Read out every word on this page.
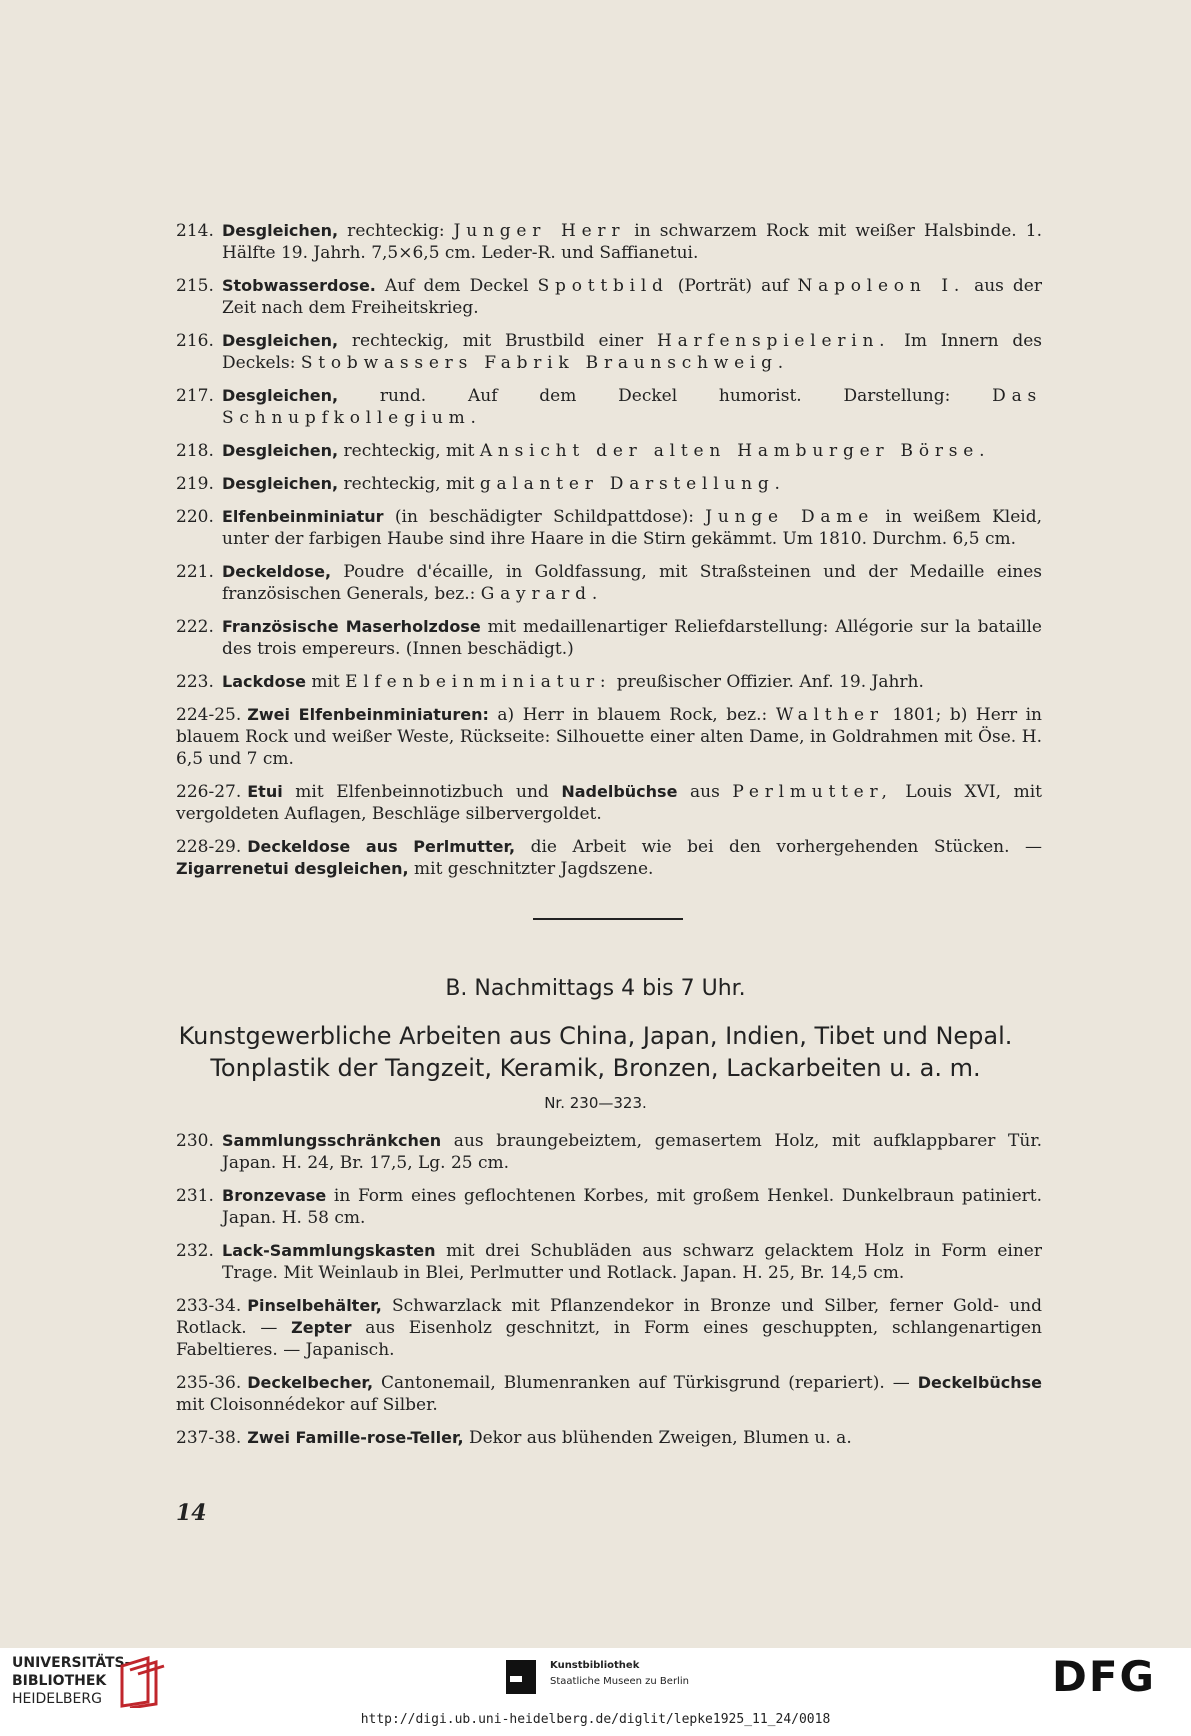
214. Desgleichen, rechteckig: Junger Herr in schwarzem Rock mit weißer Halsbinde. 1. Hälfte 19. Jahrh. 7,5×6,5 cm. Leder-R. und Saffianetui.
215. Stobwasserdose. Auf dem Deckel Spottbild (Porträt) auf Napoleon I. aus der Zeit nach dem Freiheitskrieg.
216. Desgleichen, rechteckig, mit Brustbild einer Harfenspielerin. Im Innern des Deckels: Stobwassers Fabrik Braunschweig.
217. Desgleichen, rund. Auf dem Deckel humorist. Darstellung: Das Schnupfkollegium.
218. Desgleichen, rechteckig, mit Ansicht der alten Hamburger Börse.
219. Desgleichen, rechteckig, mit galanter Darstellung.
220. Elfenbeinminiatur (in beschädigter Schildpattdose): Junge Dame in weißem Kleid, unter der farbigen Haube sind ihre Haare in die Stirn gekämmt. Um 1810. Durchm. 6,5 cm.
221. Deckeldose, Poudre d'écaille, in Goldfassung, mit Straßsteinen und der Medaille eines französischen Generals, bez.: Gayrard.
222. Französische Maserholzdose mit medaillenartiger Reliefdarstellung: Allégorie sur la bataille des trois empereurs. (Innen beschädigt.)
223. Lackdose mit Elfenbeinminiatur: preußischer Offizier. Anf. 19. Jahrh.
224-25. Zwei Elfenbeinminiaturen: a) Herr in blauem Rock, bez.: Walther 1801; b) Herr in blauem Rock und weißer Weste, Rückseite: Silhouette einer alten Dame, in Goldrahmen mit Öse. H. 6,5 und 7 cm.
226-27. Etui mit Elfenbeinnotizbuch und Nadelbüchse aus Perlmutter, Louis XVI, mit vergoldeten Auflagen, Beschläge silbervergoldet.
228-29. Deckeldose aus Perlmutter, die Arbeit wie bei den vorhergehenden Stücken. — Zigarrenetui desgleichen, mit geschnitzter Jagdszene.
B. Nachmittags 4 bis 7 Uhr.
Kunstgewerbliche Arbeiten aus China, Japan, Indien, Tibet und Nepal.
Tonplastik der Tangzeit, Keramik, Bronzen, Lackarbeiten u. a. m.
Nr. 230—323.
230. Sammlungsschränkchen aus braungebeiztem, gemasertem Holz, mit aufklappbarer Tür. Japan. H. 24, Br. 17,5, Lg. 25 cm.
231. Bronzevase in Form eines geflochtenen Korbes, mit großem Henkel. Dunkelbraun patiniert. Japan. H. 58 cm.
232. Lack-Sammlungskasten mit drei Schubläden aus schwarz gelacktem Holz in Form einer Trage. Mit Weinlaub in Blei, Perlmutter und Rotlack. Japan. H. 25, Br. 14,5 cm.
233-34. Pinselbehälter, Schwarzlack mit Pflanzendekor in Bronze und Silber, ferner Gold- und Rotlack. — Zepter aus Eisenholz geschnitzt, in Form eines geschuppten, schlangenartigen Fabeltieres. — Japanisch.
235-36. Deckelbecher, Cantonemail, Blumenranken auf Türkisgrund (repariert). — Deckelbüchse mit Cloisonnédekor auf Silber.
237-38. Zwei Famille-rose-Teller, Dekor aus blühenden Zweigen, Blumen u. a.
14
UNIVERSITÄTS-
BIBLIOTHEK
HEIDELBERG
Kunstbibliothek
Staatliche Museen zu Berlin	DFG
http://digi.ub.uni-heidelberg.de/diglit/lepke1925_11_24/0018
